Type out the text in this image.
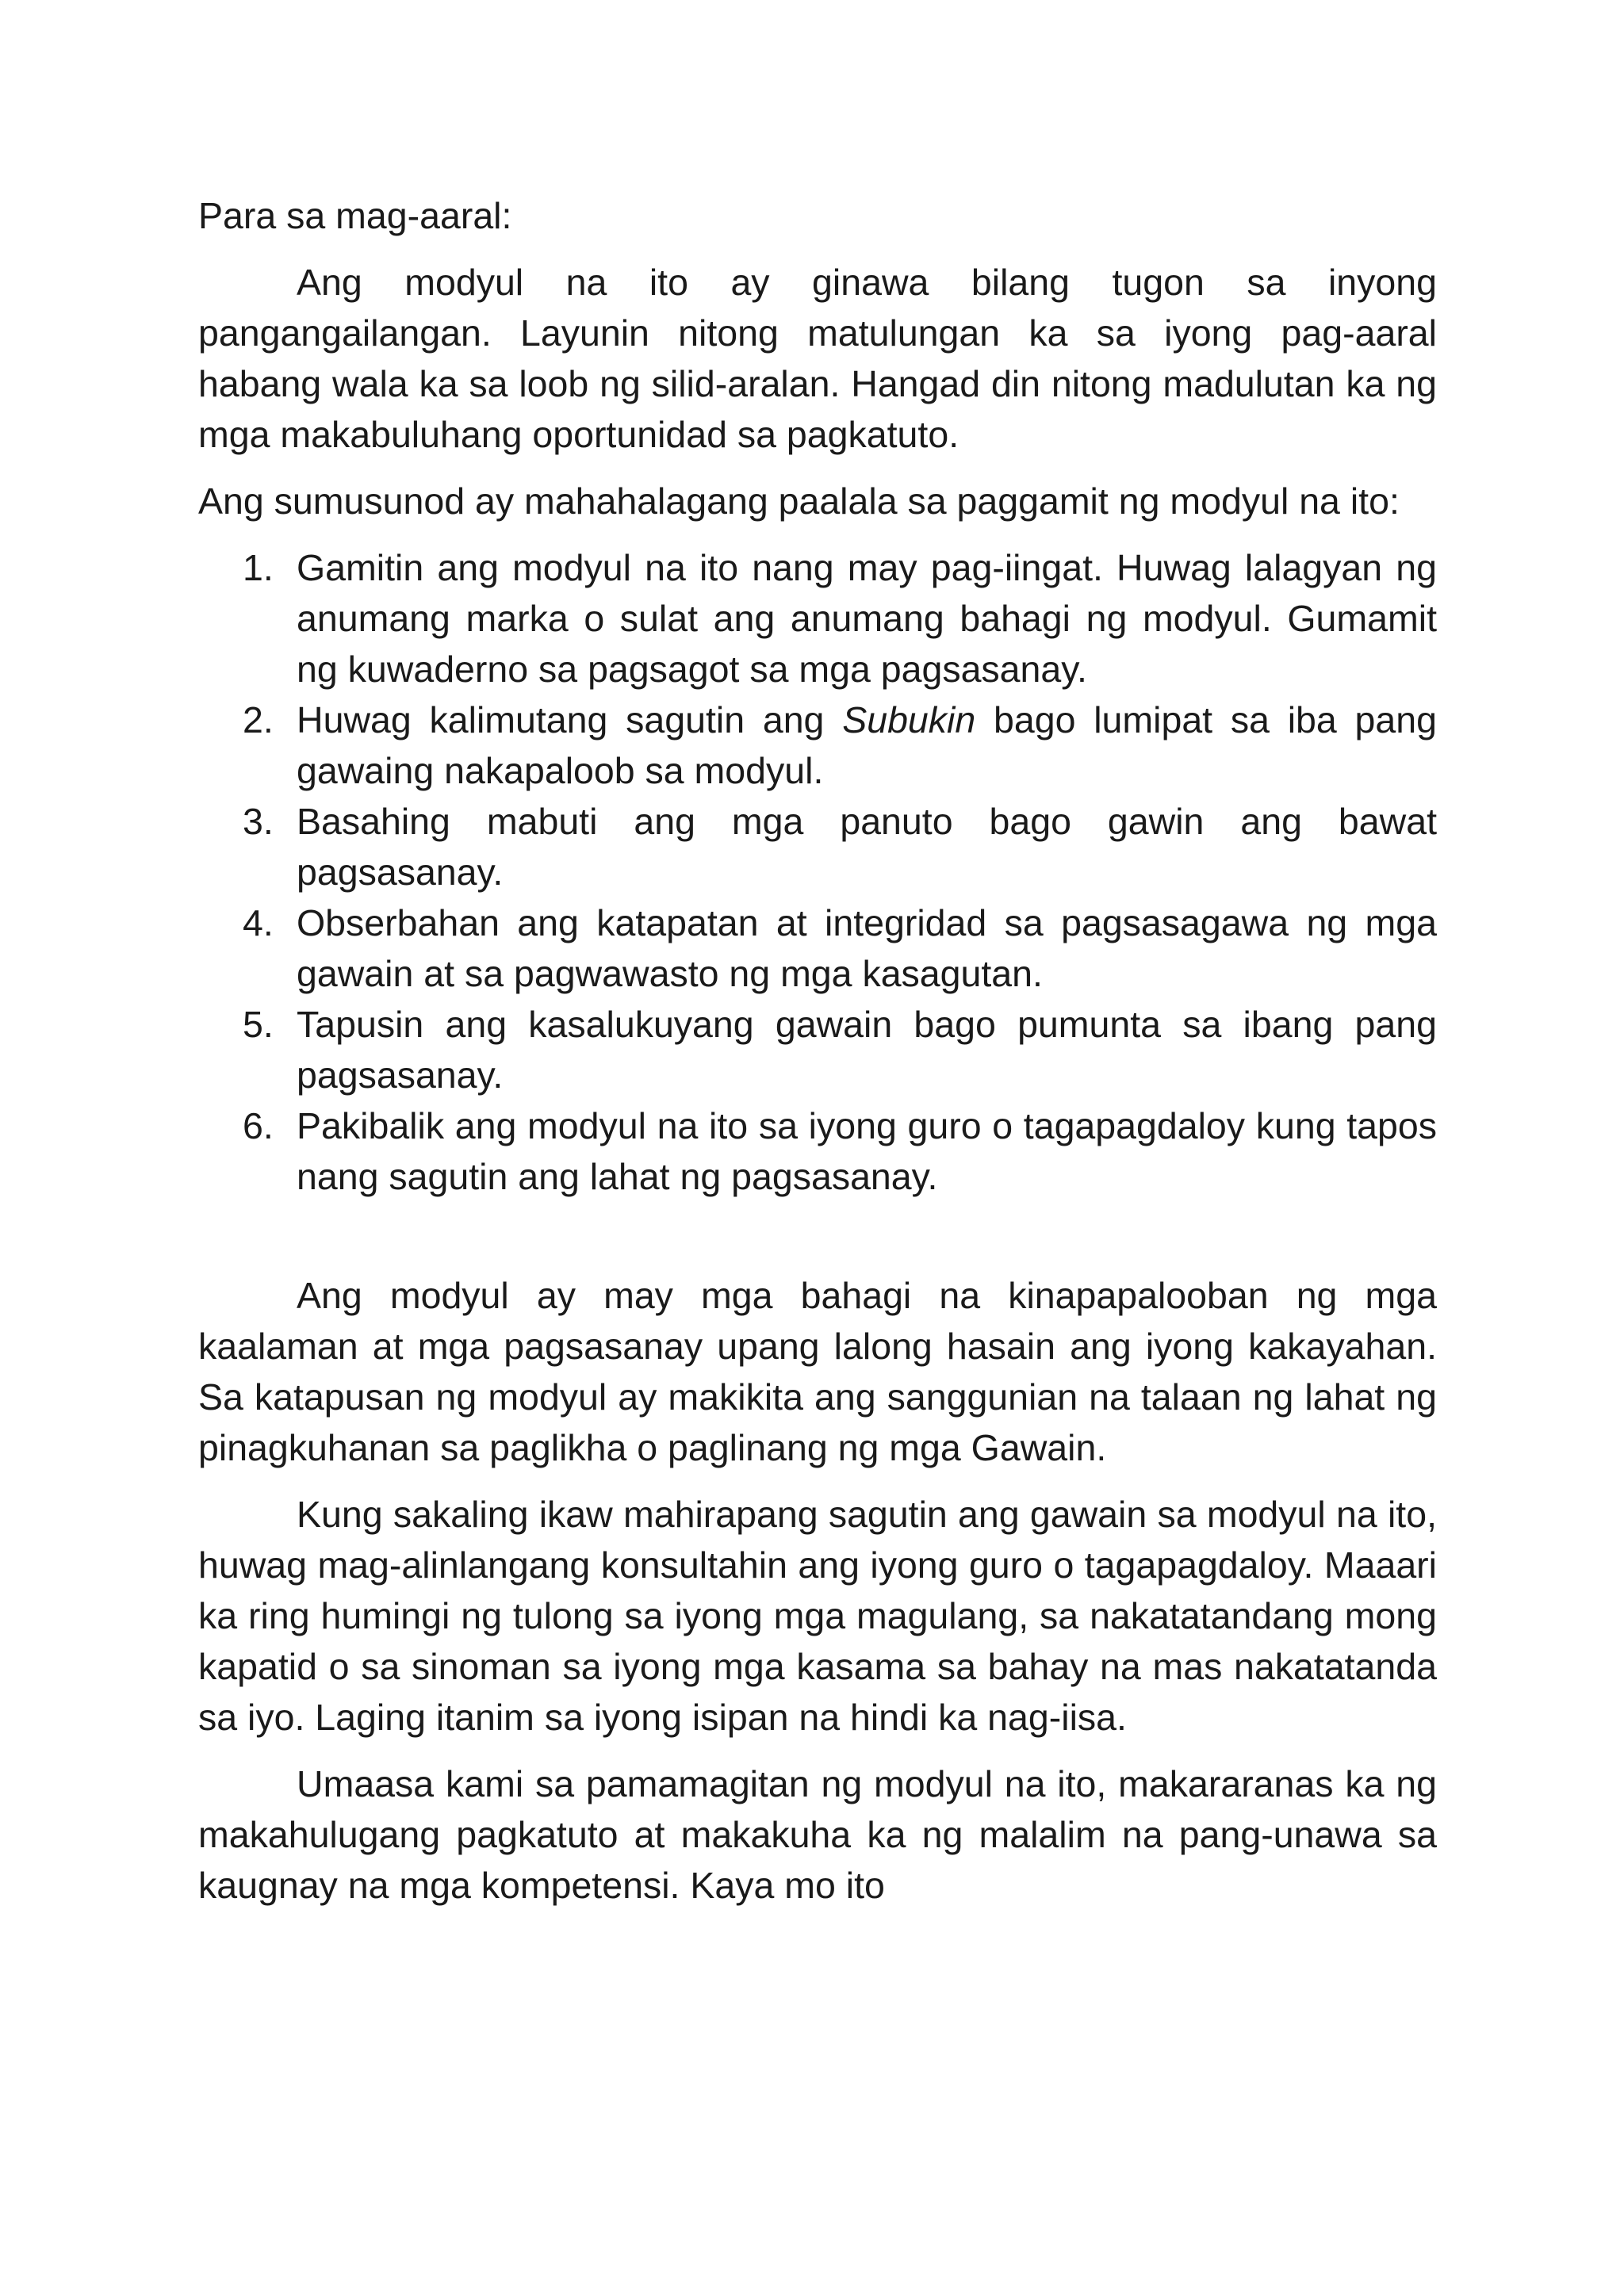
Para sa mag-aaral:

Ang modyul na ito ay ginawa bilang tugon sa inyong pangangailangan. Layunin nitong matulungan ka sa iyong pag-aaral habang wala ka sa loob ng silid-aralan. Hangad din nitong madulutan ka ng mga makabuluhang oportunidad sa pagkatuto.

Ang sumusunod ay mahahalagang paalala sa paggamit ng modyul na ito:

1. Gamitin ang modyul na ito nang may pag-iingat. Huwag lalagyan ng anumang marka o sulat ang anumang bahagi ng modyul. Gumamit ng kuwaderno sa pagsagot sa mga pagsasanay.
2. Huwag kalimutang sagutin ang Subukin bago lumipat sa iba pang gawaing nakapaloob sa modyul.
3. Basahing mabuti ang mga panuto bago gawin ang bawat pagsasanay.
4. Obserbahan ang katapatan at integridad sa pagsasagawa ng mga gawain at sa pagwawasto ng mga kasagutan.
5. Tapusin ang kasalukuyang gawain bago pumunta sa ibang pang pagsasanay.
6. Pakibalik ang modyul na ito sa iyong guro o tagapagdaloy kung tapos nang sagutin ang lahat ng pagsasanay.

Ang modyul ay may mga bahagi na kinapapalooban ng mga kaalaman at mga pagsasanay upang lalong hasain ang iyong kakayahan. Sa katapusan ng modyul ay makikita ang sanggunian na talaan ng lahat ng pinagkuhanan sa paglikha o paglinang ng mga Gawain.

Kung sakaling ikaw mahirapang sagutin ang gawain sa modyul na ito, huwag mag-alinlangang konsultahin ang iyong guro o tagapagdaloy. Maaari ka ring humingi ng tulong sa iyong mga magulang, sa nakatatandang mong kapatid o sa sinoman sa iyong mga kasama sa bahay na mas nakatatanda sa iyo. Laging itanim sa iyong isipan na hindi ka nag-iisa.

Umaasa kami sa pamamagitan ng modyul na ito, makararanas ka ng makahulugang pagkatuto at makakuha ka ng malalim na pang-unawa sa kaugnay na mga kompetensi. Kaya mo ito
